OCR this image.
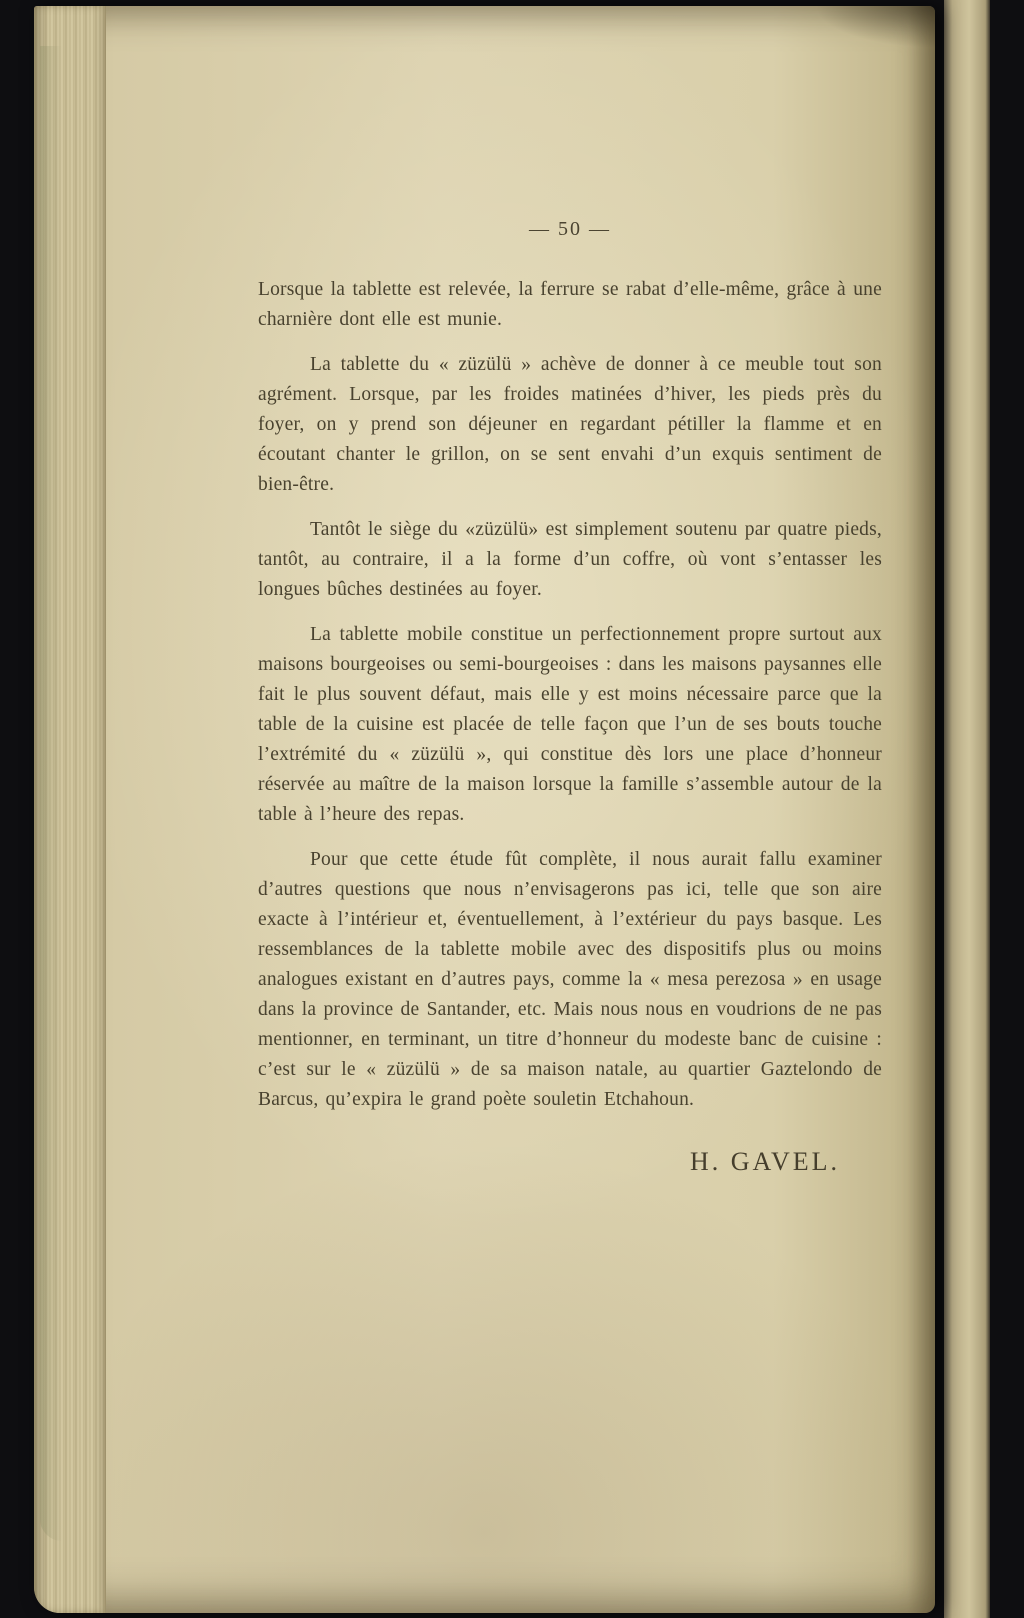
— 50 —

Lorsque la tablette est relevée, la ferrure se rabat d’elle-même, grâce à une charnière dont elle est munie.

La tablette du « züzülü » achève de donner à ce meuble tout son agrément. Lorsque, par les froides matinées d’hiver, les pieds près du foyer, on y prend son déjeuner en regardant pétiller la flamme et en écoutant chanter le grillon, on se sent envahi d’un exquis sentiment de bien-être.

Tantôt le siège du «züzülü» est simplement soutenu par quatre pieds, tantôt, au contraire, il a la forme d’un coffre, où vont s’entasser les longues bûches destinées au foyer.

La tablette mobile constitue un perfectionnement propre surtout aux maisons bourgeoises ou semi-bourgeoises : dans les maisons paysannes elle fait le plus souvent défaut, mais elle y est moins nécessaire parce que la table de la cuisine est placée de telle façon que l’un de ses bouts touche l’extrémité du « züzülü », qui constitue dès lors une place d’honneur réservée au maître de la maison lorsque la famille s’assemble autour de la table à l’heure des repas.

Pour que cette étude fût complète, il nous aurait fallu examiner d’autres questions que nous n’envisagerons pas ici, telle que son aire exacte à l’intérieur et, éventuellement, à l’extérieur du pays basque. Les ressemblances de la tablette mobile avec des dispositifs plus ou moins analogues existant en d’autres pays, comme la « mesa perezosa » en usage dans la province de Santander, etc. Mais nous nous en voudrions de ne pas mentionner, en terminant, un titre d’honneur du modeste banc de cuisine : c’est sur le « züzülü » de sa maison natale, au quartier Gaztelondo de Barcus, qu’expira le grand poète souletin Etchahoun.

H. GAVEL.
